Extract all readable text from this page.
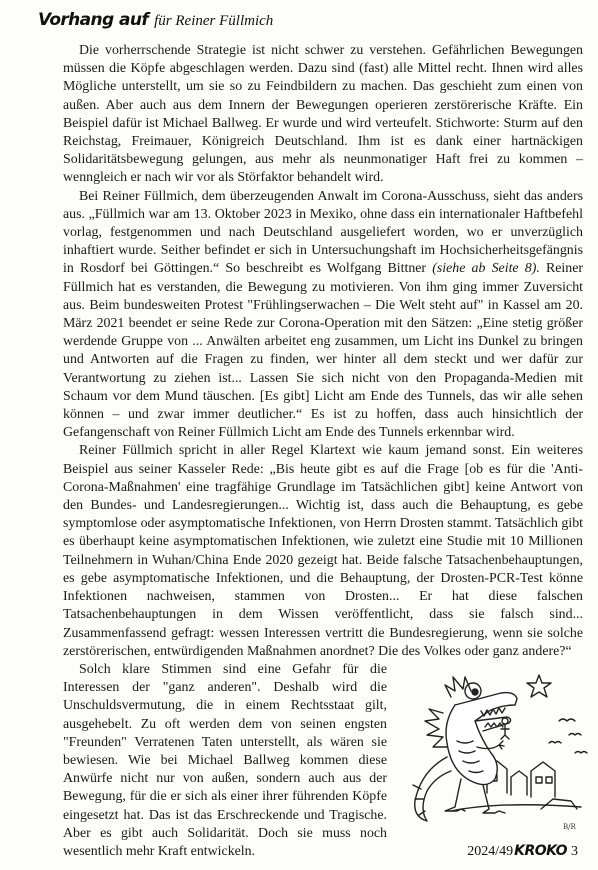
Vorhang auf für Reiner Füllmich

Die vorherrschende Strategie ist nicht schwer zu verstehen. Gefährlichen Bewegungen müssen die Köpfe abgeschlagen werden. Dazu sind (fast) alle Mittel recht. Ihnen wird alles Mögliche unterstellt, um sie so zu Feindbildern zu machen. Das geschieht zum einen von außen. Aber auch aus dem Innern der Bewegungen operieren zerstörerische Kräfte. Ein Beispiel dafür ist Michael Ballweg. Er wurde und wird verteufelt. Stichworte: Sturm auf den Reichstag, Freimauer, Königreich Deutschland. Ihm ist es dank einer hartnäckigen Solidaritätsbewegung gelungen, aus mehr als neunmonatiger Haft frei zu kommen – wenngleich er nach wir vor als Störfaktor behandelt wird.

Bei Reiner Füllmich, dem überzeugenden Anwalt im Corona-Ausschuss, sieht das anders aus. „Füllmich war am 13. Oktober 2023 in Mexiko, ohne dass ein internationaler Haftbefehl vorlag, festgenommen und nach Deutschland ausgeliefert worden, wo er unverzüglich inhaftiert wurde. Seither befindet er sich in Untersuchungshaft im Hochsicherheitsgefängnis in Rosdorf bei Göttingen.“ So beschreibt es Wolfgang Bittner (siehe ab Seite 8). Reiner Füllmich hat es verstanden, die Bewegung zu motivieren. Von ihm ging immer Zuversicht aus. Beim bundesweiten Protest "Frühlingserwachen – Die Welt steht auf" in Kassel am 20. März 2021 beendet er seine Rede zur Corona-Operation mit den Sätzen: „Eine stetig größer werdende Gruppe von ... Anwälten arbeitet eng zusammen, um Licht ins Dunkel zu bringen und Antworten auf die Fragen zu finden, wer hinter all dem steckt und wer dafür zur Verantwortung zu ziehen ist... Lassen Sie sich nicht von den Propaganda-Medien mit Schaum vor dem Mund täuschen. [Es gibt] Licht am Ende des Tunnels, das wir alle sehen können – und zwar immer deutlicher.“ Es ist zu hoffen, dass auch hinsichtlich der Gefangenschaft von Reiner Füllmich Licht am Ende des Tunnels erkennbar wird.

Reiner Füllmich spricht in aller Regel Klartext wie kaum jemand sonst. Ein weiteres Beispiel aus seiner Kasseler Rede: „Bis heute gibt es auf die Frage [ob es für die 'Anti-Corona-Maßnahmen' eine tragfähige Grundlage im Tatsächlichen gibt] keine Antwort von den Bundes- und Landesregierungen... Wichtig ist, dass auch die Behauptung, es gebe symptomlose oder asymptomatische Infektionen, von Herrn Drosten stammt. Tatsächlich gibt es überhaupt keine asymptomatischen Infektionen, wie zuletzt eine Studie mit 10 Millionen Teilnehmern in Wuhan/China Ende 2020 gezeigt hat. Beide falsche Tatsachenbehauptungen, es gebe asymptomatische Infektionen, und die Behauptung, der Drosten-PCR-Test könne Infektionen nachweisen, stammen von Drosten... Er hat diese falschen Tatsachenbehauptungen in dem Wissen veröffentlicht, dass sie falsch sind... Zusammenfassend gefragt: wessen Interessen vertritt die Bundesregierung, wenn sie solche zerstörerischen, entwürdigenden Maßnahmen anordnet? Die des Volkes oder ganz andere?“

B/R

Solch klare Stimmen sind eine Gefahr für die Interessen der "ganz anderen". Deshalb wird die Unschuldsvermutung, die in einem Rechtsstaat gilt, ausgehebelt. Zu oft werden dem von seinen engsten "Freunden" Verratenen Taten unterstellt, als wären sie bewiesen. Wie bei Michael Ballweg kommen diese Anwürfe nicht nur von außen, sondern auch aus der Bewegung, für die er sich als einer ihrer führenden Köpfe eingesetzt hat. Das ist das Erschreckende und Tragische. Aber es gibt auch Solidarität. Doch sie muss noch wesentlich mehr Kraft entwickeln.	2024/49KROKO 3
